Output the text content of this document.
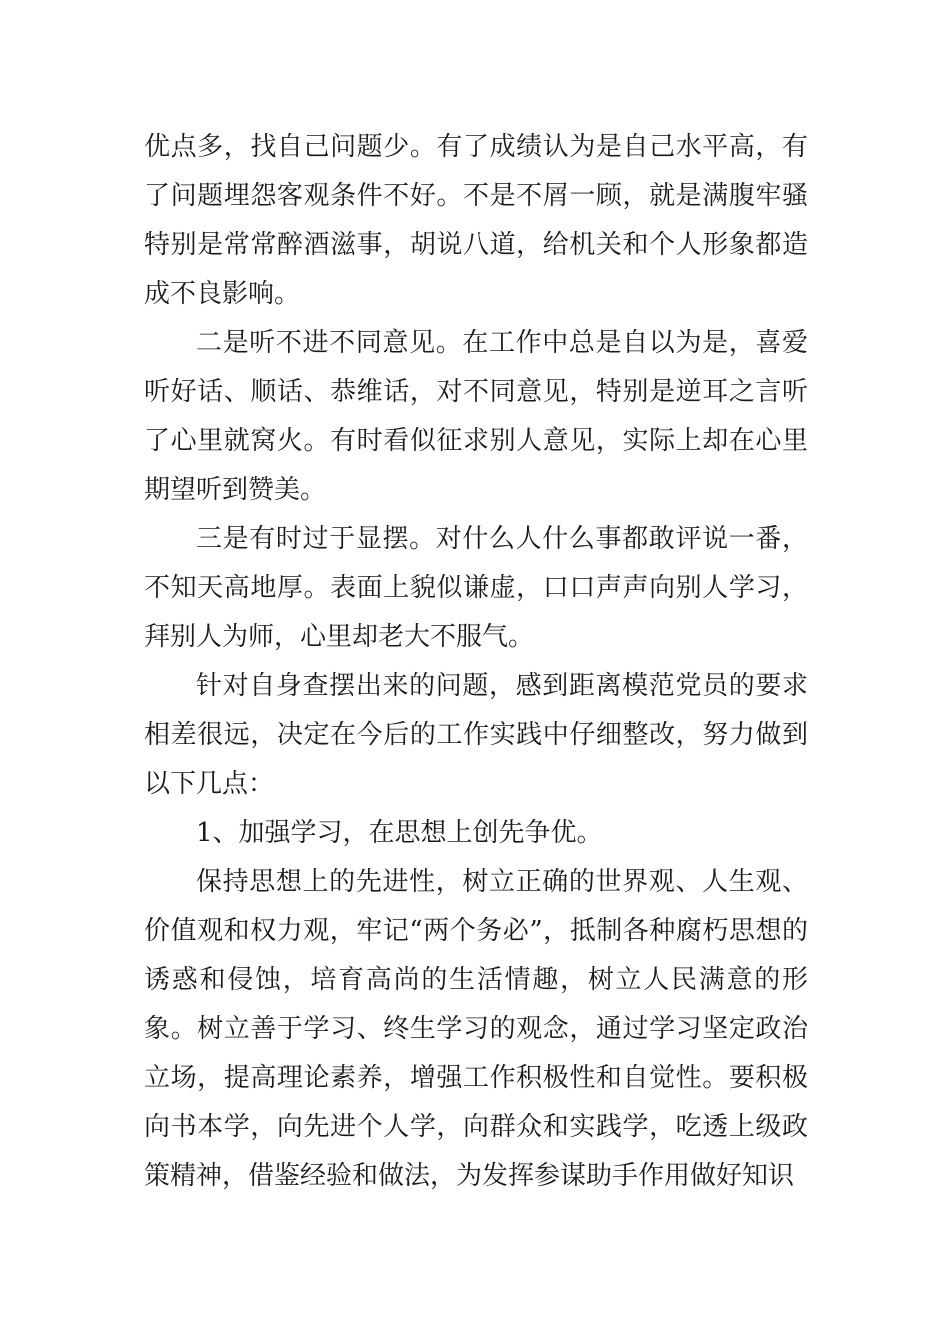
优点多，找自己问题少。有了成绩认为是自己水平高，有了问题埋怨客观条件不好。不是不屑一顾，就是满腹牢骚特别是常常醉酒滋事，胡说八道，给机关和个人形象都造成不良影响。

二是听不进不同意见。在工作中总是自以为是，喜爱听好话、顺话、恭维话，对不同意见，特别是逆耳之言听了心里就窝火。有时看似征求别人意见，实际上却在心里期望听到赞美。

三是有时过于显摆。对什么人什么事都敢评说一番，不知天高地厚。表面上貌似谦虚，口口声声向别人学习，拜别人为师，心里却老大不服气。

针对自身查摆出来的问题，感到距离模范党员的要求相差很远，决定在今后的工作实践中仔细整改，努力做到以下几点：

1、加强学习，在思想上创先争优。

保持思想上的先进性，树立正确的世界观、人生观、价值观和权力观，牢记“两个务必”，抵制各种腐朽思想的诱惑和侵蚀，培育高尚的生活情趣，树立人民满意的形象。树立善于学习、终生学习的观念，通过学习坚定政治立场，提高理论素养，增强工作积极性和自觉性。要积极向书本学，向先进个人学，向群众和实践学，吃透上级政策精神，借鉴经验和做法，为发挥参谋助手作用做好知识
